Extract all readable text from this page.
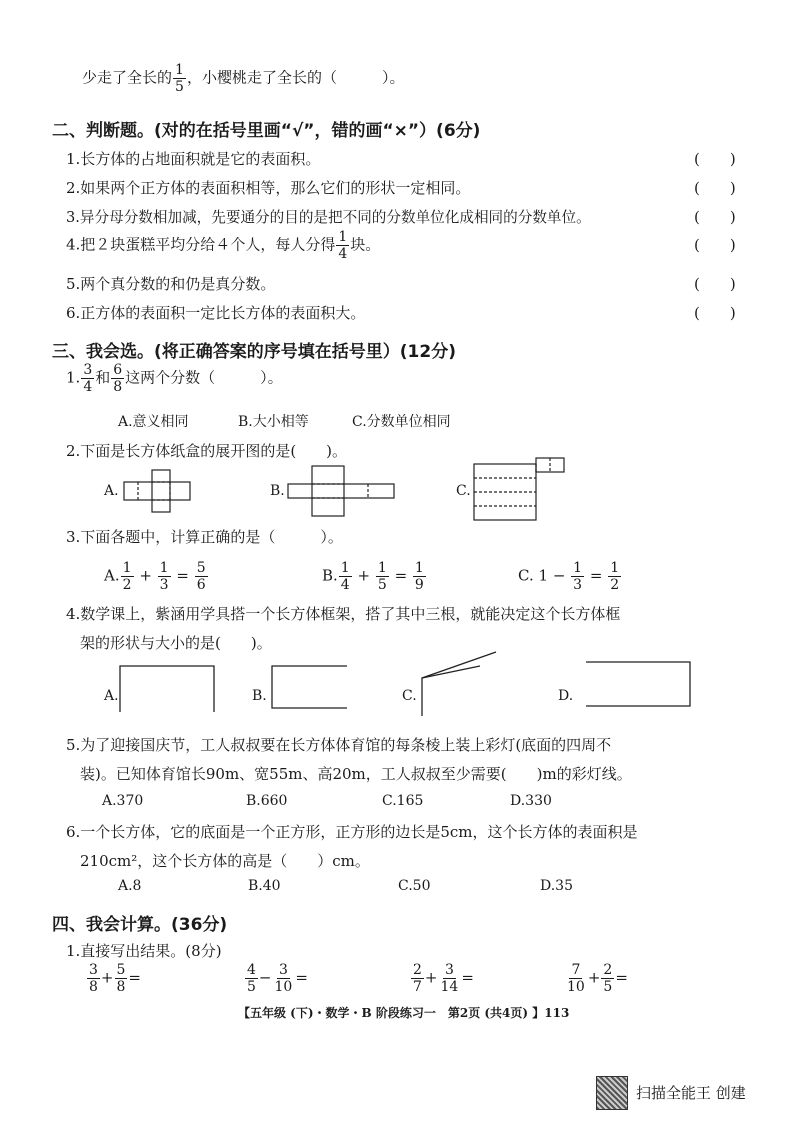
少走了全长的 $\frac{1}{5}$ ，小樱桃走了全长的（　　　）。
二、判断题。(对的在括号里画“√”，错的画“×”）(6分)
1.长方体的占地面积就是它的表面积。	(　　)
2.如果两个正方体的表面积相等，那么它们的形状一定相同。	(　　)
3.异分母分数相加减，先要通分的目的是把不同的分数单位化成相同的分数单位。	(　　)
4.把２块蛋糕平均分给４个人，每人分得 $\frac{1}{4}$ 块。	(　　)
5.两个真分数的和仍是真分数。	(　　)
6.正方体的表面积一定比长方体的表面积大。	(　　)
三、我会选。(将正确答案的序号填在括号里）(12分)
1. $\frac{3}{4}$ 和 $\frac{6}{8}$ 这两个分数（　　　）。
A.意义相同	B.大小相等	C.分数单位相同
2.下面是长方体纸盒的展开图的是(　　)。
A.	B.	C.
3.下面各题中，计算正确的是（　　　）。
A. $\frac{1}{2} + \frac{1}{3} = \frac{5}{6}$	B. $\frac{1}{4} + \frac{1}{5} = \frac{1}{9}$	C. $1 - \frac{1}{3} = \frac{1}{2}$
4.数学课上，紫涵用学具搭一个长方体框架，搭了其中三根，就能决定这个长方体框
架的形状与大小的是(　　)。
A.	B.	C.	D.
5.为了迎接国庆节，工人叔叔要在长方体体育馆的每条棱上装上彩灯(底面的四周不
装)。已知体育馆长90m、宽55m、高20m，工人叔叔至少需要(　　)m的彩灯线。
A.370	B.660	C.165	D.330
6.一个长方体，它的底面是一个正方形，正方形的边长是5cm，这个长方体的表面积是
210cm²，这个长方体的高是（　　）cm。
A.8	B.40	C.50	D.35
四、我会计算。(36分)
1.直接写出结果。(8分)
$\frac{3}{8} + \frac{5}{8}$ =	$\frac{4}{5} - \frac{3}{10}$ =	$\frac{2}{7} + \frac{3}{14}$ =	$\frac{7}{10} + \frac{2}{5}$ =
【五年级 (下)・数学・B 阶段练习一　第2页 (共4页) 】113
扫描全能王 创建
